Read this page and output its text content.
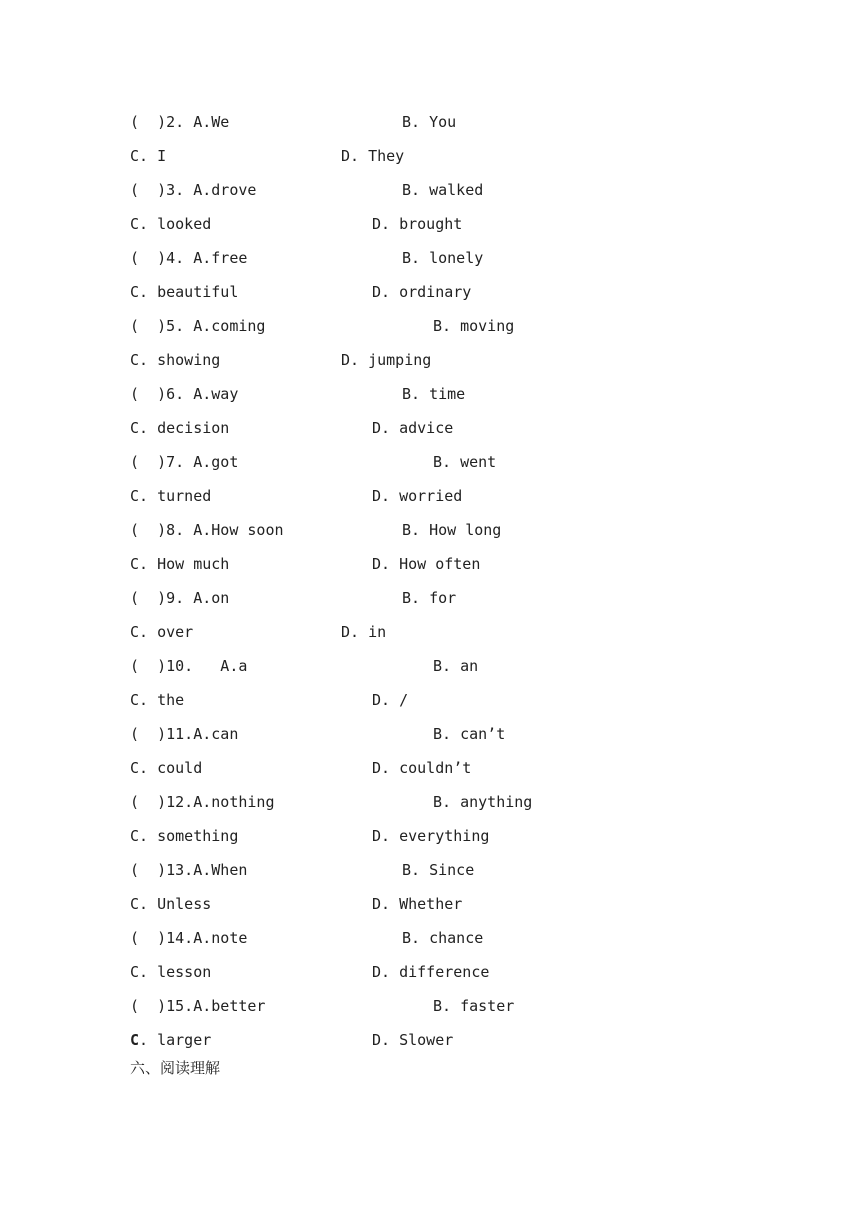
(  )2. A.We

	B. You

C. I

	D. They

(  )3. A.drove

	B. walked

C. looked

	D. brought

(  )4. A.free

	B. lonely

C. beautiful

	D. ordinary

(  )5. A.coming

	B. moving

C. showing

	D. jumping

(  )6. A.way

	B. time

C. decision

	D. advice

(  )7. A.got

	B. went

C. turned

	D. worried

(  )8. A.How soon

	B. How long

C. How much

	D. How often

(  )9. A.on

	B. for

C. over

	D. in

(  )10.   A.a

	B. an

C. the

	D. /

(  )11.A.can

	B. can’t

C. could

	D. couldn’t

(  )12.A.nothing

	B. anything

C. something

	D. everything

(  )13.A.When

	B. Since

C. Unless

	D. Whether

(  )14.A.note

	B. chance

C. lesson

	D. difference

(  )15.A.better

	B. faster

C. larger

	D. Slower

六、阅读理解
